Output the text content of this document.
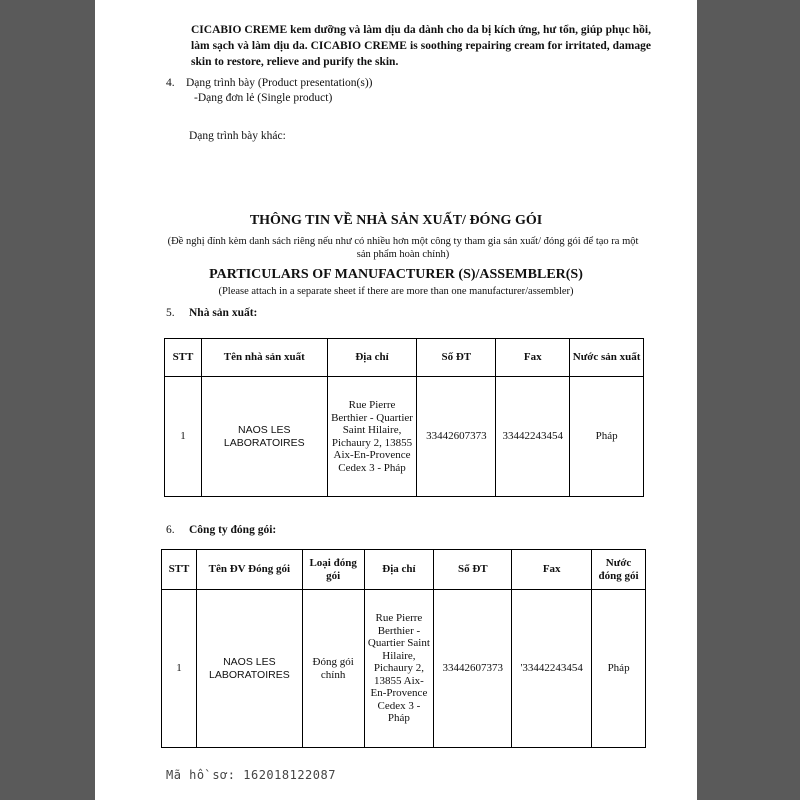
CICABIO CREME kem dưỡng và làm dịu da dành cho da bị kích ứng, hư tổn, giúp phục hồi, làm sạch và làm dịu da. CICABIO CREME is soothing repairing cream for irritated, damage skin to restore, relieve and purify the skin.
4. Dạng trình bày (Product presentation(s))
-Dạng đơn lẻ (Single product)
Dạng trình bày khác:
THÔNG TIN VỀ NHÀ SẢN XUẤT/ ĐÓNG GÓI
(Đề nghị đính kèm danh sách riêng nếu như có nhiều hơn một công ty tham gia sản xuất/ đóng gói để tạo ra một sản phẩm hoàn chỉnh)
PARTICULARS OF MANUFACTURER (S)/ASSEMBLER(S)
(Please attach in a separate sheet if there are more than one manufacturer/assembler)
5. Nhà sản xuất:
STT	Tên nhà sản xuất	Địa chỉ	Số ĐT	Fax	Nước sản xuất
1	NAOS LES LABORATOIRES	Rue Pierre Berthier - Quartier Saint Hilaire, Pichaury 2, 13855 Aix-En-Provence Cedex 3 - Pháp	33442607373	33442243454	Pháp
6. Công ty đóng gói:
STT	Tên ĐV Đóng gói	Loại đóng gói	Địa chỉ	Số ĐT	Fax	Nước đóng gói
1	NAOS LES LABORATOIRES	Đóng gói chính	Rue Pierre Berthier - Quartier Saint Hilaire, Pichaury 2, 13855 Aix-En-Provence Cedex 3 - Pháp	33442607373	'33442243454	Pháp
Mã hồ sơ: 162018122087
